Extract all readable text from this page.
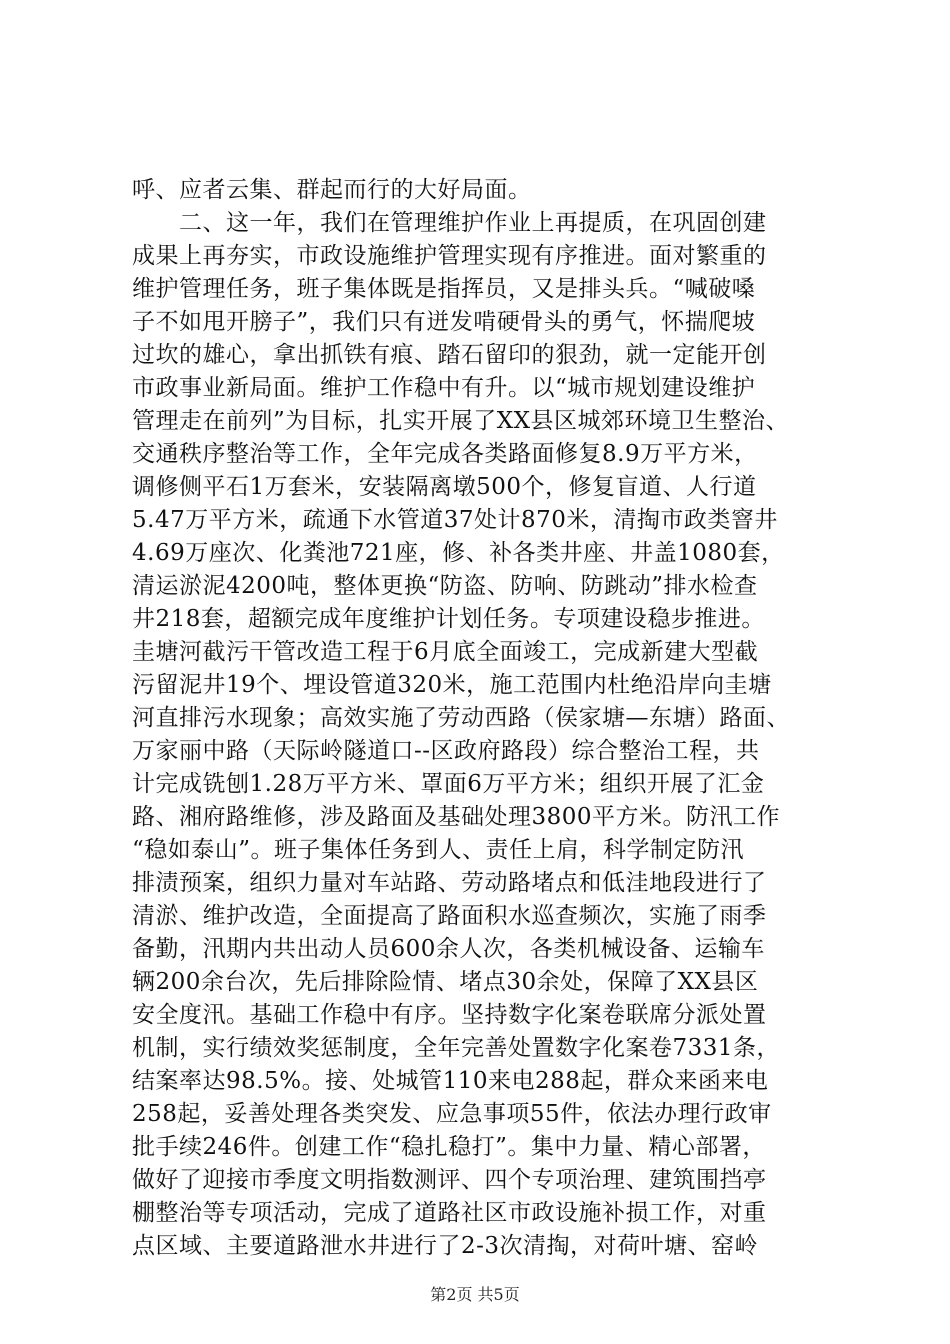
呼、应者云集、群起而行的大好局面。
二、这一年，我们在管理维护作业上再提质，在巩固创建
成果上再夯实，市政设施维护管理实现有序推进。面对繁重的
维护管理任务，班子集体既是指挥员，又是排头兵。“喊破嗓
子不如甩开膀子”，我们只有迸发啃硬骨头的勇气，怀揣爬坡
过坎的雄心，拿出抓铁有痕、踏石留印的狠劲，就一定能开创
市政事业新局面。维护工作稳中有升。以“城市规划建设维护
管理走在前列”为目标，扎实开展了XX县区城郊环境卫生整治、
交通秩序整治等工作，全年完成各类路面修复8.9万平方米，
调修侧平石1万套米，安装隔离墩500个，修复盲道、人行道
5.47万平方米，疏通下水管道37处计870米，清掏市政类窨井
4.69万座次、化粪池721座，修、补各类井座、井盖1080套，
清运淤泥4200吨，整体更换“防盗、防响、防跳动”排水检查
井218套，超额完成年度维护计划任务。专项建设稳步推进。
圭塘河截污干管改造工程于6月底全面竣工，完成新建大型截
污留泥井19个、埋设管道320米，施工范围内杜绝沿岸向圭塘
河直排污水现象；高效实施了劳动西路（侯家塘—东塘）路面、
万家丽中路（天际岭隧道口--区政府路段）综合整治工程，共
计完成铣刨1.28万平方米、罩面6万平方米；组织开展了汇金
路、湘府路维修，涉及路面及基础处理3800平方米。防汛工作
“稳如泰山”。班子集体任务到人、责任上肩，科学制定防汛
排渍预案，组织力量对车站路、劳动路堵点和低洼地段进行了
清淤、维护改造，全面提高了路面积水巡查频次，实施了雨季
备勤，汛期内共出动人员600余人次，各类机械设备、运输车
辆200余台次，先后排除险情、堵点30余处，保障了XX县区
安全度汛。基础工作稳中有序。坚持数字化案卷联席分派处置
机制，实行绩效奖惩制度，全年完善处置数字化案卷7331条，
结案率达98.5%。接、处城管110来电288起，群众来函来电
258起，妥善处理各类突发、应急事项55件，依法办理行政审
批手续246件。创建工作“稳扎稳打”。集中力量、精心部署，
做好了迎接市季度文明指数测评、四个专项治理、建筑围挡亭
棚整治等专项活动，完成了道路社区市政设施补损工作，对重
点区域、主要道路泄水井进行了2-3次清掏，对荷叶塘、窑岭
第2页 共5页
